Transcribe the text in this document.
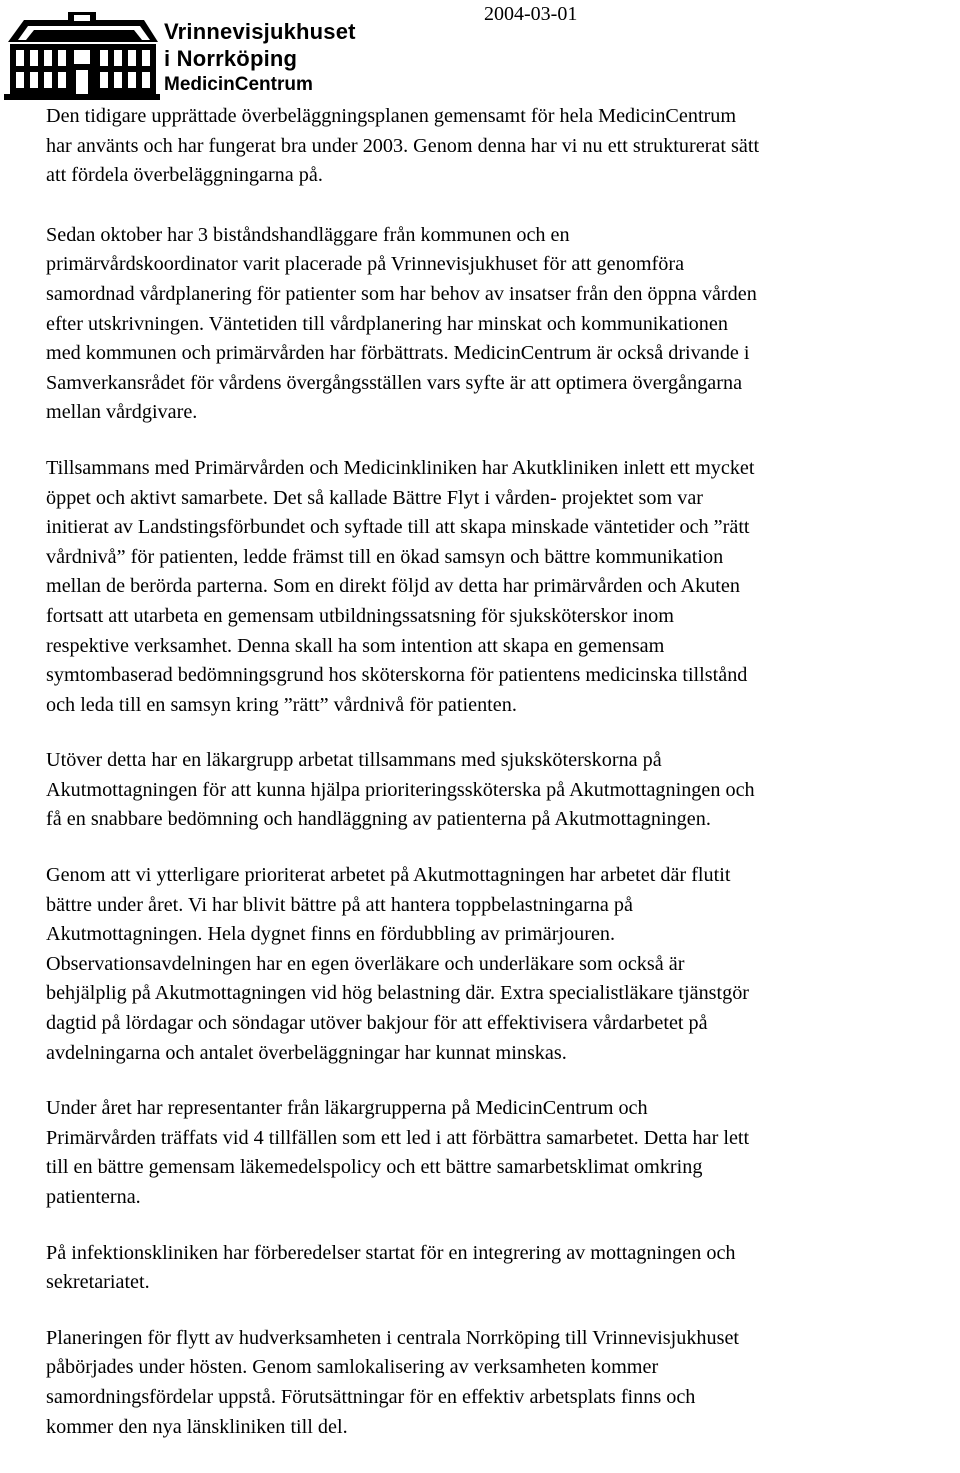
2004-03-01
Vrinnevisjukhuset
i Norrköping
MedicinCentrum

Den tidigare upprättade överbeläggningsplanen gemensamt för hela MedicinCentrum
har använts och har fungerat bra under 2003. Genom denna har vi nu ett strukturerat sätt
att fördela överbeläggningarna på.

Sedan oktober har 3 biståndshandläggare från kommunen och en
primärvårdskoordinator varit placerade på Vrinnevisjukhuset för att genomföra
samordnad vårdplanering för patienter som har behov av insatser från den öppna vården
efter utskrivningen. Väntetiden till vårdplanering har minskat och kommunikationen
med kommunen och primärvården har förbättrats. MedicinCentrum är också drivande i
Samverkansrådet för vårdens övergångsställen vars syfte är att optimera övergångarna
mellan vårdgivare.

Tillsammans med Primärvården och Medicinkliniken har Akutkliniken inlett ett mycket
öppet och aktivt samarbete. Det så kallade Bättre Flyt i vården- projektet som var
initierat av Landstingsförbundet och syftade till att skapa minskade väntetider och ”rätt
vårdnivå” för patienten, ledde främst till en ökad samsyn och bättre kommunikation
mellan de berörda parterna. Som en direkt följd av detta har primärvården och Akuten
fortsatt att utarbeta en gemensam utbildningssatsning för sjuksköterskor inom
respektive verksamhet. Denna skall ha som intention att skapa en gemensam
symtombaserad bedömningsgrund hos sköterskorna för patientens medicinska tillstånd
och leda till en samsyn kring ”rätt” vårdnivå för patienten.

Utöver detta har en läkargrupp arbetat tillsammans med sjuksköterskorna på
Akutmottagningen för att kunna hjälpa prioriteringssköterska på Akutmottagningen och
få en snabbare bedömning och handläggning av patienterna på Akutmottagningen.

Genom att vi ytterligare prioriterat arbetet på Akutmottagningen har arbetet där flutit
bättre under året. Vi har blivit bättre på att hantera toppbelastningarna på
Akutmottagningen. Hela dygnet finns en fördubbling av primärjouren.
Observationsavdelningen har en egen överläkare och underläkare som också är
behjälplig på Akutmottagningen vid hög belastning där. Extra specialistläkare tjänstgör
dagtid på lördagar och söndagar utöver bakjour för att effektivisera vårdarbetet på
avdelningarna och antalet överbeläggningar har kunnat minskas.

Under året har representanter från läkargrupperna på MedicinCentrum och
Primärvården träffats vid 4 tillfällen som ett led i att förbättra samarbetet. Detta har lett
till en bättre gemensam läkemedelspolicy och ett bättre samarbetsklimat omkring
patienterna.

På infektionskliniken har förberedelser startat för en integrering av mottagningen och
sekretariatet.

Planeringen för flytt av hudverksamheten i centrala Norrköping till Vrinnevisjukhuset
påbörjades under hösten. Genom samlokalisering av verksamheten kommer
samordningsfördelar uppstå. Förutsättningar för en effektiv arbetsplats finns och
kommer den nya länskliniken till del.
